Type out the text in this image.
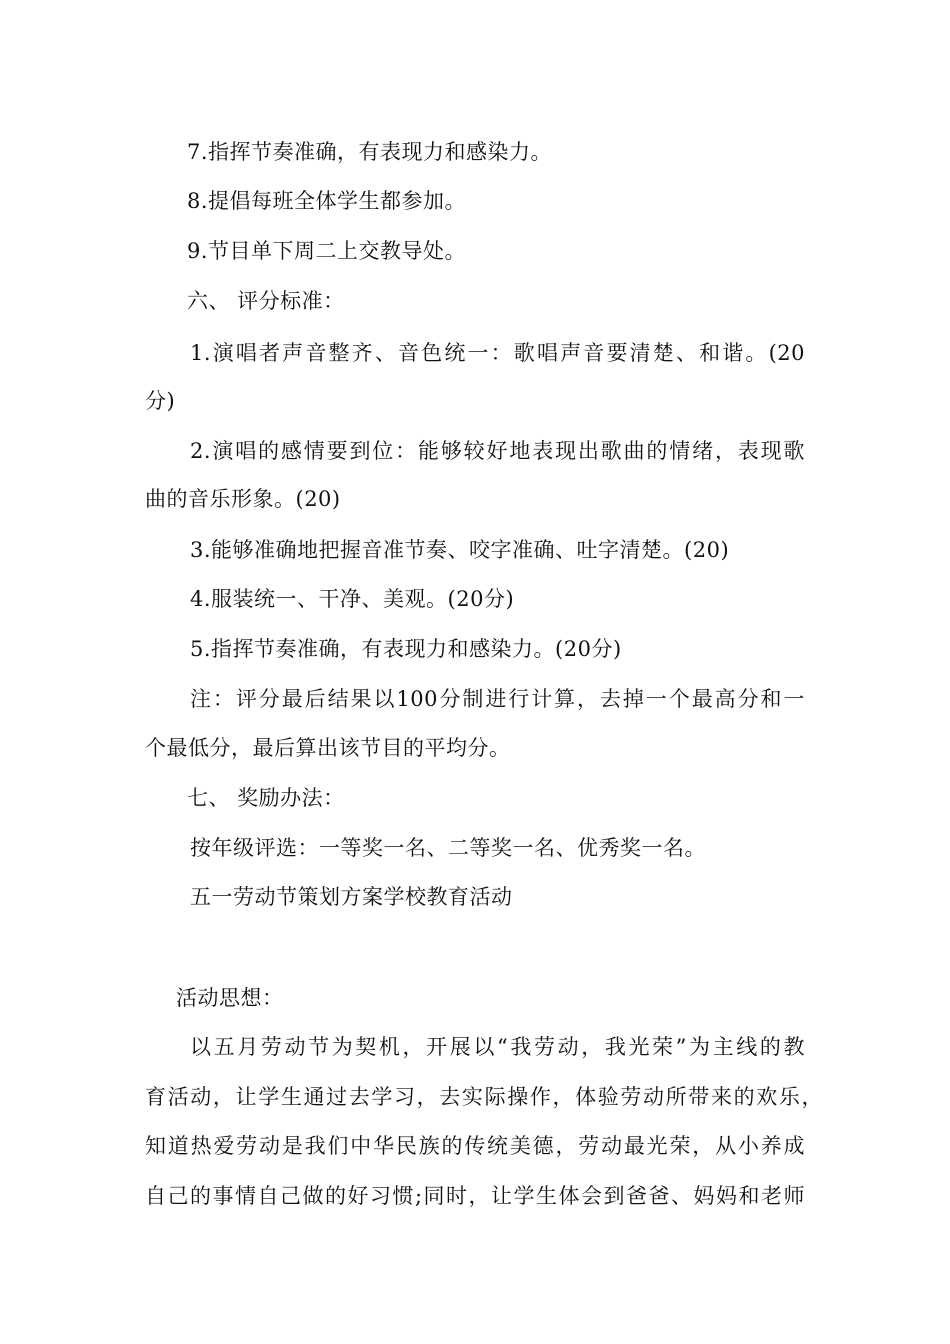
7.指挥节奏准确，有表现力和感染力。
8.提倡每班全体学生都参加。
9.节目单下周二上交教导处。
六、 评分标准：
1.演唱者声音整齐、音色统一：歌唱声音要清楚、和谐。(20
分)
2.演唱的感情要到位：能够较好地表现出歌曲的情绪，表现歌
曲的音乐形象。(20)
3.能够准确地把握音准节奏、咬字准确、吐字清楚。(20)
4.服装统一、干净、美观。(20分)
5.指挥节奏准确，有表现力和感染力。(20分)
注：评分最后结果以100分制进行计算，去掉一个最高分和一
个最低分，最后算出该节目的平均分。
七、 奖励办法：
按年级评选：一等奖一名、二等奖一名、优秀奖一名。
五一劳动节策划方案学校教育活动
活动思想：
以五月劳动节为契机，开展以“我劳动，我光荣”为主线的教
育活动，让学生通过去学习，去实际操作，体验劳动所带来的欢乐，
知道热爱劳动是我们中华民族的传统美德，劳动最光荣，从小养成
自己的事情自己做的好习惯;同时，让学生体会到爸爸、妈妈和老师
